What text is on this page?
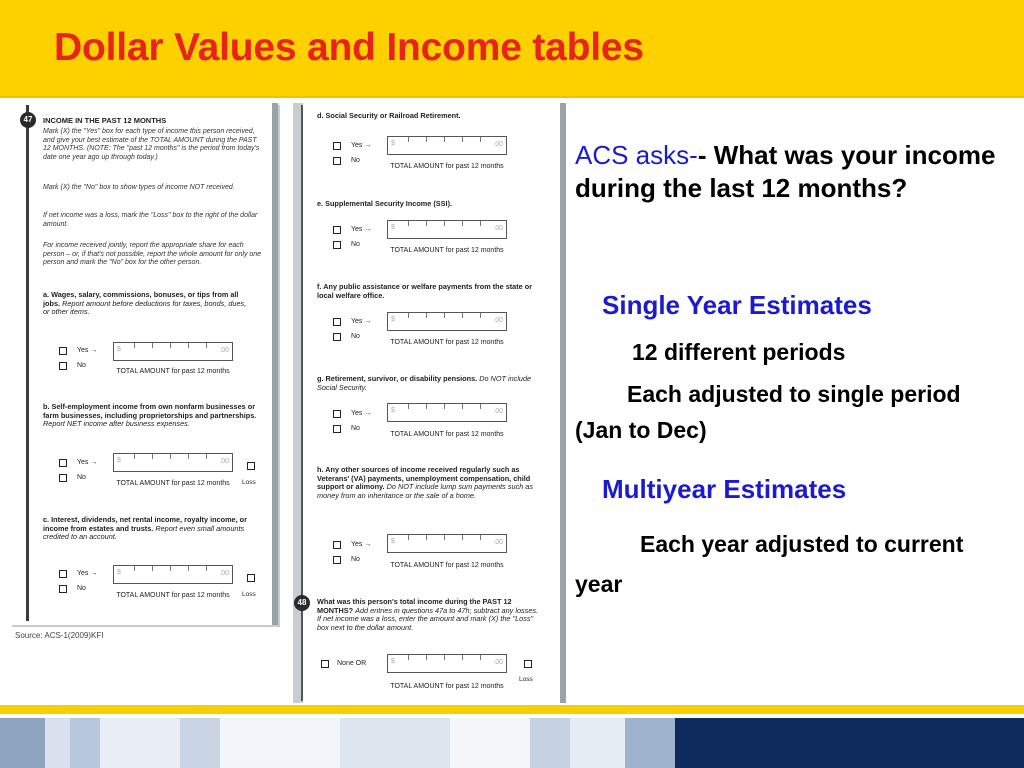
Dollar Values and Income tables
47	INCOME IN THE PAST 12 MONTHS
Mark (X) the "Yes" box for each type of income this person received, and give your best estimate of the TOTAL AMOUNT during the PAST 12 MONTHS. (NOTE: The "past 12 months" is the period from today's date one year ago up through today.)
Mark (X) the "No" box to show types of income NOT received.
If net income was a loss, mark the "Loss" box to the right of the dollar amount.
For income received jointly, report the appropriate share for each person – or, if that's not possible, report the whole amount for only one person and mark the "No" box for the other person.
a. Wages, salary, commissions, bonuses, or tips from all jobs. Report amount before deductions for taxes, bonds, dues, or other items.
Yes →
No
$	.00
TOTAL AMOUNT for past 12 months
b. Self-employment income from own nonfarm businesses or farm businesses, including proprietorships and partnerships. Report NET income after business expenses.
Yes →
No
$	.00
Loss
TOTAL AMOUNT for past 12 months
c. Interest, dividends, net rental income, royalty income, or income from estates and trusts. Report even small amounts credited to an account.
Yes →
No
$	.00
Loss
TOTAL AMOUNT for past 12 months
Source: ACS-1(2009)KFI
d. Social Security or Railroad Retirement.
Yes →
No
$	.00
TOTAL AMOUNT for past 12 months
e. Supplemental Security Income (SSI).
Yes →
No
$	.00
TOTAL AMOUNT for past 12 months
f. Any public assistance or welfare payments from the state or local welfare office.
Yes →
No
$	.00
TOTAL AMOUNT for past 12 months
g. Retirement, survivor, or disability pensions. Do NOT include Social Security.
Yes →
No
$	.00
TOTAL AMOUNT for past 12 months
h. Any other sources of income received regularly such as Veterans' (VA) payments, unemployment compensation, child support or alimony. Do NOT include lump sum payments such as money from an inheritance or the sale of a home.
Yes →
No
$	.00
TOTAL AMOUNT for past 12 months
48	What was this person's total income during the PAST 12 MONTHS? Add entries in questions 47a to 47h; subtract any losses. If net income was a loss, enter the amount and mark (X) the "Loss" box next to the dollar amount.
None OR	$	.00
Loss
TOTAL AMOUNT for past 12 months
ACS asks-- What was your income during the last 12 months?
Single Year Estimates
12 different periods
Each adjusted to single period (Jan to Dec)
Multiyear Estimates
Each year adjusted to current year
